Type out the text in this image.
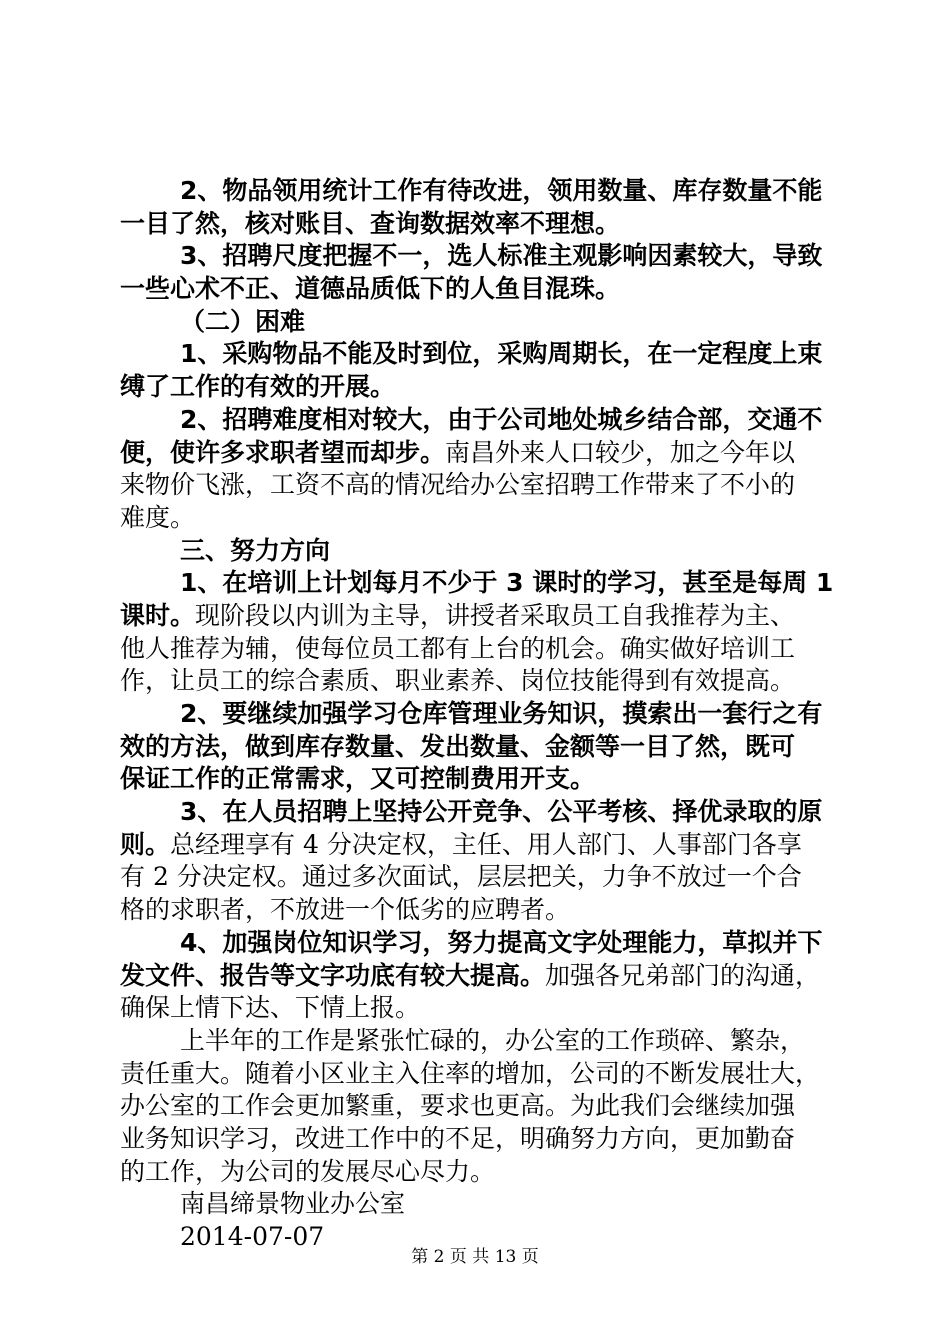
2、物品领用统计工作有待改进，领用数量、库存数量不能
一目了然，核对账目、查询数据效率不理想。
3、招聘尺度把握不一，选人标准主观影响因素较大，导致
一些心术不正、道德品质低下的人鱼目混珠。
（二）困难
1、采购物品不能及时到位，采购周期长，在一定程度上束
缚了工作的有效的开展。
2、招聘难度相对较大，由于公司地处城乡结合部，交通不
便，使许多求职者望而却步。南昌外来人口较少，加之今年以
来物价飞涨，工资不高的情况给办公室招聘工作带来了不小的
难度。
三、努力方向
1、在培训上计划每月不少于 3 课时的学习，甚至是每周 1
课时。现阶段以内训为主导，讲授者采取员工自我推荐为主、
他人推荐为辅，使每位员工都有上台的机会。确实做好培训工
作，让员工的综合素质、职业素养、岗位技能得到有效提高。
2、要继续加强学习仓库管理业务知识，摸索出一套行之有
效的方法，做到库存数量、发出数量、金额等一目了然，既可
保证工作的正常需求，又可控制费用开支。
3、在人员招聘上坚持公开竞争、公平考核、择优录取的原
则。总经理享有 4 分决定权，主任、用人部门、人事部门各享
有 2 分决定权。通过多次面试，层层把关，力争不放过一个合
格的求职者，不放进一个低劣的应聘者。
4、加强岗位知识学习，努力提高文字处理能力，草拟并下
发文件、报告等文字功底有较大提高。加强各兄弟部门的沟通，
确保上情下达、下情上报。
上半年的工作是紧张忙碌的，办公室的工作琐碎、繁杂，
责任重大。随着小区业主入住率的增加，公司的不断发展壮大，
办公室的工作会更加繁重，要求也更高。为此我们会继续加强
业务知识学习，改进工作中的不足，明确努力方向，更加勤奋
的工作，为公司的发展尽心尽力。
南昌缔景物业办公室
2014-07-07
第 2 页 共 13 页
